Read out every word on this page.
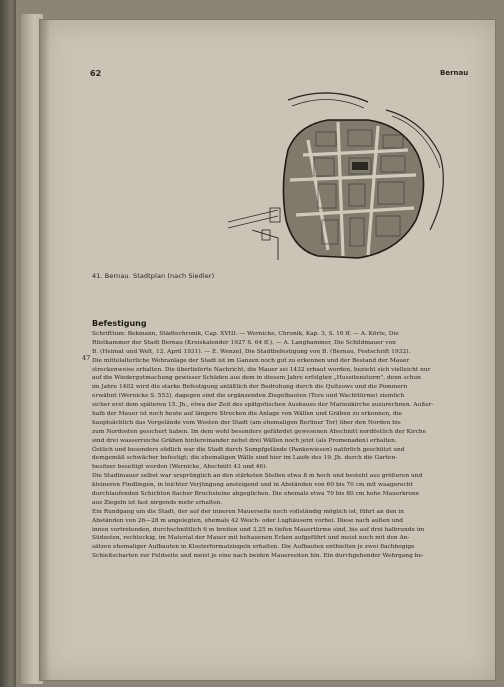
62	Bernau
41. Bernau. Stadtplan (nach Siedler)
Befestigung
47
Schrifttum: Bekmann, Städtechronik, Cap. XVIII. — Wernicke, Chronik, Kap. 3, S. 16 ff. — A. Körte, Die
Rüstkammer der Stadt Bernau (Kreiskalender 1927 S. 64 ff.). — A. Langhammer, Die Schildmauer von
B. (Heimat und Welt, 12. April 1931). — E. Wenzel, Die Stadtbefestigung von B. (Bernau, Festschrift 1932).
Die mittelalterliche Wehranlage der Stadt ist im Ganzen noch gut zu erkennen und der Bestand der Mauer
streckenweise erhalten. Die überlieferte Nachricht, die Mauer sei 1432 erbaut worden, bezieht sich vielleicht nur
auf die Wiedergutmachung gewisser Schäden aus dem in diesem Jahre erfolgten „Hussitensturm", denn schon
im Jahre 1402 wird die starke Befestigung anläßlich der Bedrohung durch die Quitzows und die Pommern
erwähnt (Wernicke S. 553), dagegen sind die ergänzenden Ziegelbauten (Tore und Wachttürme) ziemlich
sicher erst dem späteren 15. Jh., etwa der Zeit des spätgotischen Ausbaues der Marienkirche zuzurechnen. Außer-
halb der Mauer ist noch heute auf längere Strecken die Anlage von Wällen und Gräben zu erkennen, die
hauptsächlich das Vorgelände vom Westen der Stadt (am ehemaligen Berliner Tor) über den Norden bis
zum Nordosten gesichert haben. Im dem wohl besonders gefährdet gewesenen Abschnitt nordöstlich der Kirche
sind drei wasserreiche Gräben hintereinander nebst drei Wällen noch jetzt (als Promenaden) erhalten.
Östlich und besonders südlich war die Stadt durch Sumpfgelände (Pankewiesen) natürlich geschützt und
demgemäß schwächer befestigt; die ehemaligen Wälle sind hier im Laufe des 19. Jh. durch die Garten-
besitzer beseitigt worden (Wernicke, Abschnitt 43 und 46).
Die Stadtmauer selbst war ursprünglich an den stärksten Stellen etwa 8 m hoch und besteht aus größeren und
kleineren Findlingen, in leichter Verjüngung ansteigend und in Abständen von 60 bis 70 cm mit waagerecht
durchlaufenden Schichten flacher Bruchsteine abgeglichen. Die ehemals etwa 70 bis 80 cm hohe Mauerkrone
aus Ziegeln ist fast nirgends mehr erhalten.
Ein Rundgang um die Stadt, der auf der inneren Mauerseite noch vollständig möglich ist, führt an den in
Abständen von 26—28 m angelegten, ehemals 42 Weich- oder Lughäusern vorbei. Diese nach außen und
innen vortretenden, durchschnittlich 6 m breiten und 3,25 m tiefen Mauertürme sind, bis auf drei halbrunde im
Südosten, rechteckig, im Material der Mauer mit behauenen Ecken aufgeführt und meist noch mit den An-
sätzen ehemaliger Aufbauten in Klosterformatziegeln erhalten. Die Aufbauten enthielten je zwei flachbogige
Schießscharten zur Feldseite und meist je eine nach beiden Mauerseiten hin. Ein durchgehender Wehrgang be-
